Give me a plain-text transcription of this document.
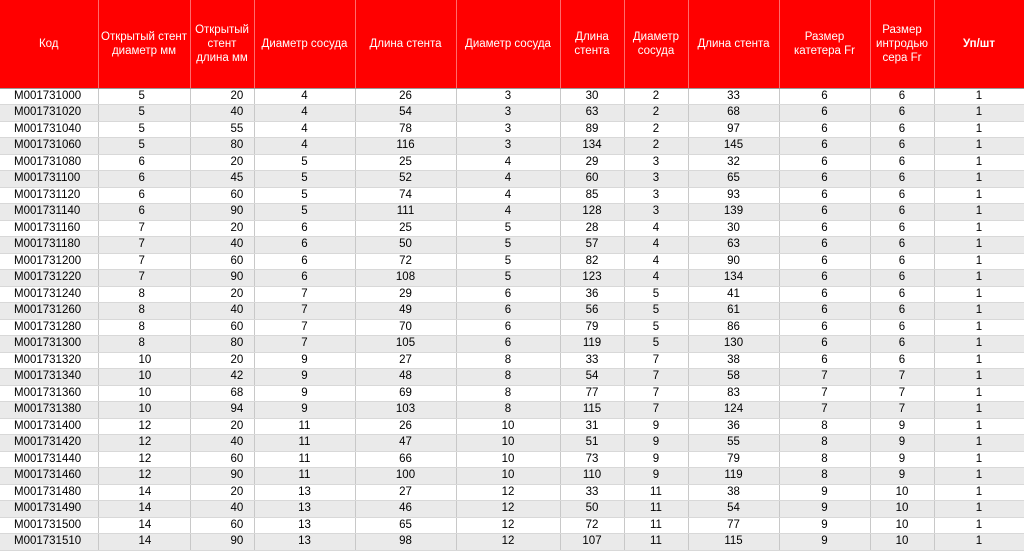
Код	Открытый стент диаметр мм	Открытый стент длина мм	Диаметр сосуда	Длина стента	Диаметр сосуда	Длина стента	Диаметр сосуда	Длина стента	Размер катетера Fr	Размер интродью сера Fr	Уп/шт
M001731000	5	20	4	26	3	30	2	33	6	6	1
M001731020	5	40	4	54	3	63	2	68	6	6	1
M001731040	5	55	4	78	3	89	2	97	6	6	1
M001731060	5	80	4	116	3	134	2	145	6	6	1
M001731080	6	20	5	25	4	29	3	32	6	6	1
M001731100	6	45	5	52	4	60	3	65	6	6	1
M001731120	6	60	5	74	4	85	3	93	6	6	1
M001731140	6	90	5	111	4	128	3	139	6	6	1
M001731160	7	20	6	25	5	28	4	30	6	6	1
M001731180	7	40	6	50	5	57	4	63	6	6	1
M001731200	7	60	6	72	5	82	4	90	6	6	1
M001731220	7	90	6	108	5	123	4	134	6	6	1
M001731240	8	20	7	29	6	36	5	41	6	6	1
M001731260	8	40	7	49	6	56	5	61	6	6	1
M001731280	8	60	7	70	6	79	5	86	6	6	1
M001731300	8	80	7	105	6	119	5	130	6	6	1
M001731320	10	20	9	27	8	33	7	38	6	6	1
M001731340	10	42	9	48	8	54	7	58	7	7	1
M001731360	10	68	9	69	8	77	7	83	7	7	1
M001731380	10	94	9	103	8	115	7	124	7	7	1
M001731400	12	20	11	26	10	31	9	36	8	9	1
M001731420	12	40	11	47	10	51	9	55	8	9	1
M001731440	12	60	11	66	10	73	9	79	8	9	1
M001731460	12	90	11	100	10	110	9	119	8	9	1
M001731480	14	20	13	27	12	33	11	38	9	10	1
M001731490	14	40	13	46	12	50	11	54	9	10	1
M001731500	14	60	13	65	12	72	11	77	9	10	1
M001731510	14	90	13	98	12	107	11	115	9	10	1
